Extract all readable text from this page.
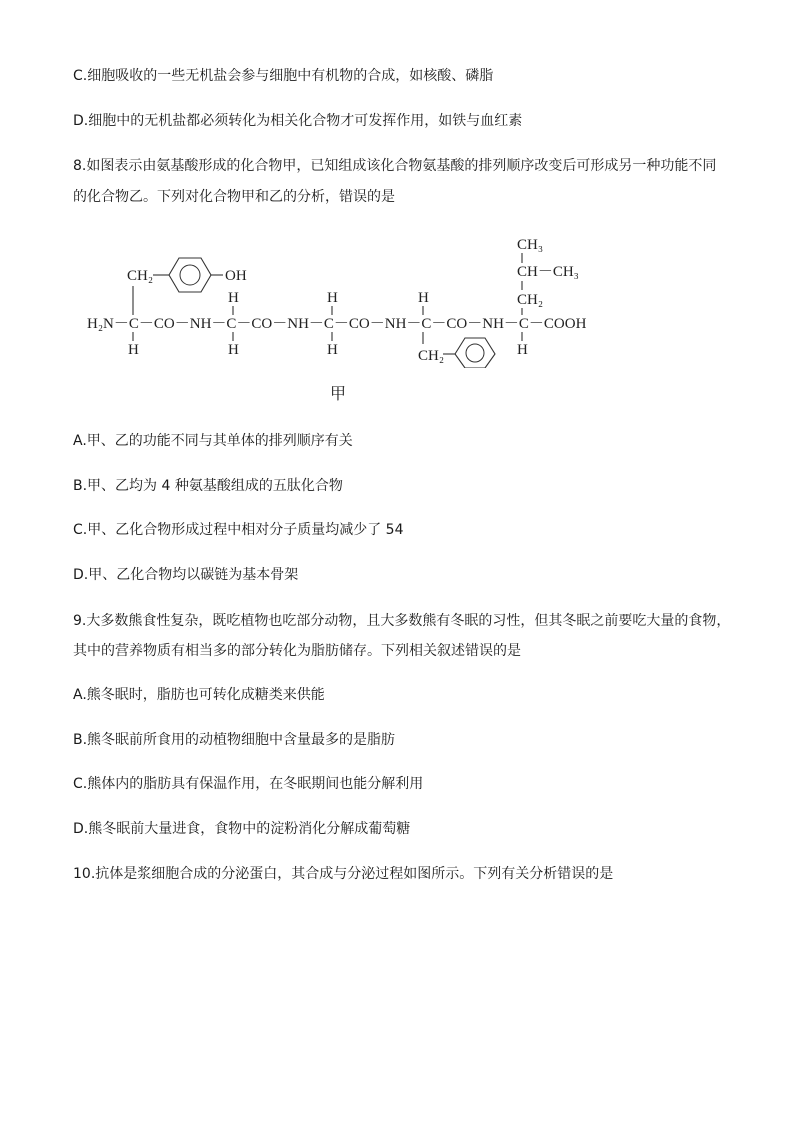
C.细胞吸收的一些无机盐会参与细胞中有机物的合成，如核酸、磷脂
D.细胞中的无机盐都必须转化为相关化合物才可发挥作用，如铁与血红素
8.如图表示由氨基酸形成的化合物甲，已知组成该化合物氨基酸的排列顺序改变后可形成另一种功能不同
的化合物乙。下列对化合物甲和乙的分析，错误的是
CH₂	OH
H	H	H
CH₃
CH－CH₃
CH₂
H₂N－C－CO－NH－C－CO－NH－C－CO－NH－C－CO－NH－C－COOH
H	H	H	H
CH₂
甲
A.甲、乙的功能不同与其单体的排列顺序有关
B.甲、乙均为 4 种氨基酸组成的五肽化合物
C.甲、乙化合物形成过程中相对分子质量均减少了 54
D.甲、乙化合物均以碳链为基本骨架
9.大多数熊食性复杂，既吃植物也吃部分动物，且大多数熊有冬眠的习性，但其冬眠之前要吃大量的食物，
其中的营养物质有相当多的部分转化为脂肪储存。下列相关叙述错误的是
A.熊冬眠时，脂肪也可转化成糖类来供能
B.熊冬眠前所食用的动植物细胞中含量最多的是脂肪
C.熊体内的脂肪具有保温作用，在冬眠期间也能分解利用
D.熊冬眠前大量进食，食物中的淀粉消化分解成葡萄糖
10.抗体是浆细胞合成的分泌蛋白，其合成与分泌过程如图所示。下列有关分析错误的是
